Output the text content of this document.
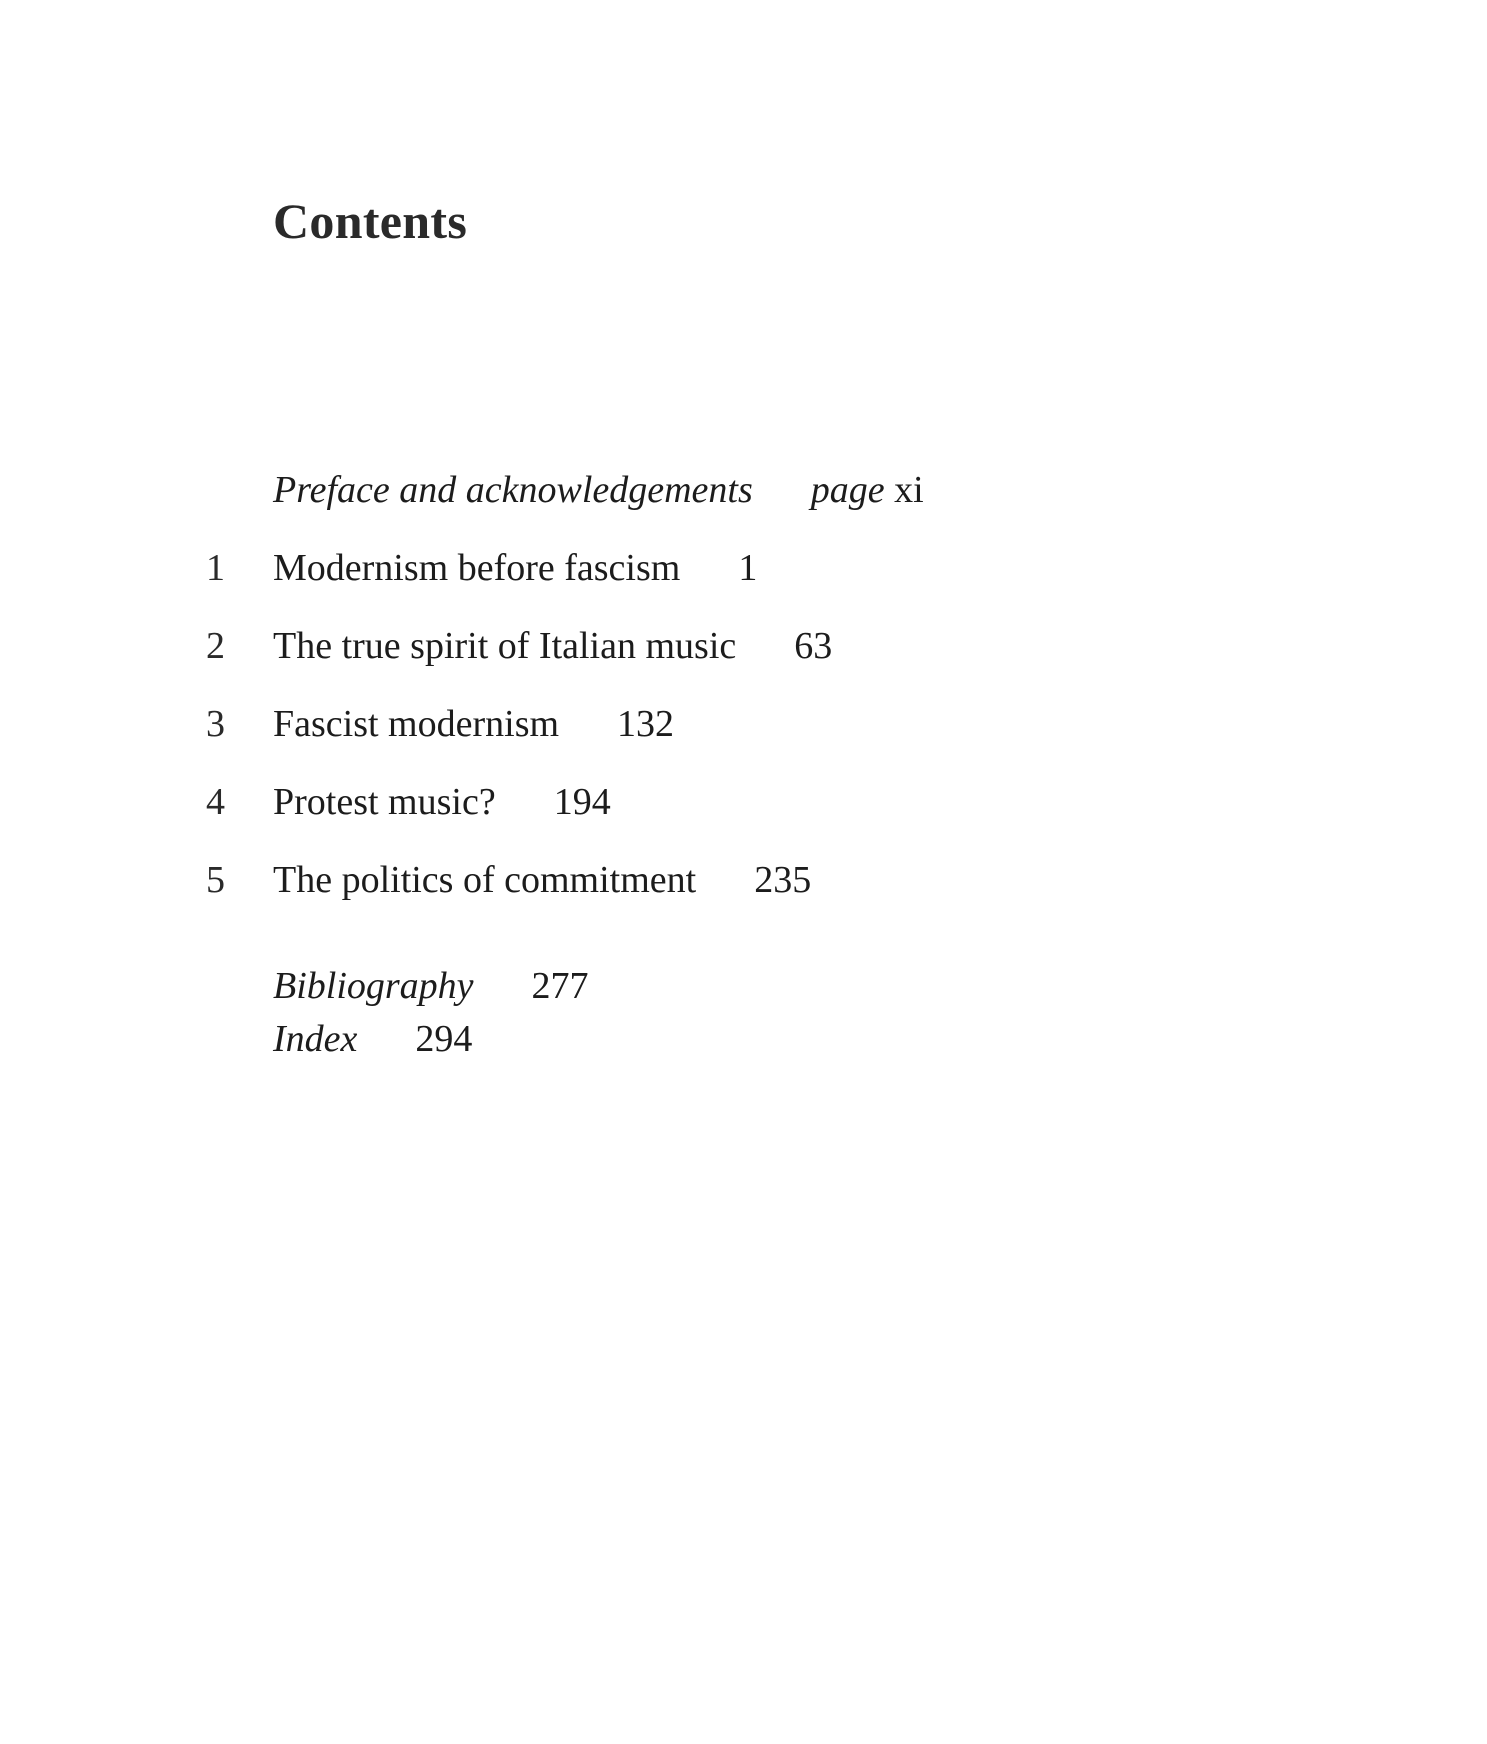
Contents
Preface and acknowledgements page xi
1 Modernism before fascism 1
2 The true spirit of Italian music 63
3 Fascist modernism 132
4 Protest music? 194
5 The politics of commitment 235
Bibliography 277
Index 294
